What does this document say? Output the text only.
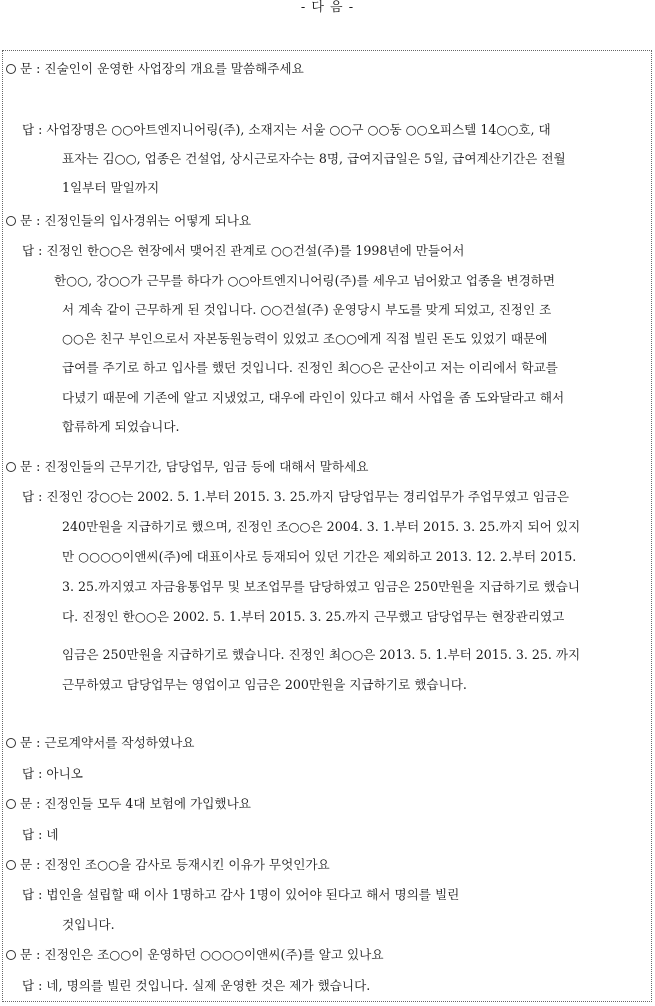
- 다 음 -
문 : 진술인이 운영한 사업장의 개요를 말씀해주세요
답 : 사업장명은 ○○아트엔지니어링(주), 소재지는 서울 ○○구 ○○동 ○○오피스텔 14○○호, 대
표자는 김○○, 업종은 건설업, 상시근로자수는 8명, 급여지급일은 5일, 급여계산기간은 전월
1일부터 말일까지
문 : 진정인들의 입사경위는 어떻게 되나요
답 : 진정인 한○○은 현장에서 맺어진 관계로 ○○건설(주)를 1998년에 만들어서
한○○, 강○○가 근무를 하다가 ○○아트엔지니어링(주)를 세우고 넘어왔고 업종을 변경하면
서 계속 같이 근무하게 된 것입니다. ○○건설(주) 운영당시 부도를 맞게 되었고, 진정인 조
○○은 친구 부인으로서 자본동원능력이 있었고 조○○에게 직접 빌린 돈도 있었기 때문에
급여를 주기로 하고 입사를 했던 것입니다. 진정인 최○○은 군산이고 저는 이리에서 학교를
다녔기 때문에 기존에 알고 지냈었고, 대우에 라인이 있다고 해서 사업을 좀 도와달라고 해서
합류하게 되었습니다.
문 : 진정인들의 근무기간, 담당업무, 임금 등에 대해서 말하세요
답 : 진정인 강○○는 2002. 5. 1.부터 2015. 3. 25.까지 담당업무는 경리업무가 주업무였고 임금은
240만원을 지급하기로 했으며, 진정인 조○○은 2004. 3. 1.부터 2015. 3. 25.까지 되어 있지
만 ○○○○이앤씨(주)에 대표이사로 등재되어 있던 기간은 제외하고 2013. 12. 2.부터 2015.
3. 25.까지였고 자금융통업무 및 보조업무를 담당하였고 임금은 250만원을 지급하기로 했습니
다. 진정인 한○○은 2002. 5. 1.부터 2015. 3. 25.까지 근무했고 담당업무는 현장관리였고
임금은 250만원을 지급하기로 했습니다. 진정인 최○○은 2013. 5. 1.부터 2015. 3. 25. 까지
근무하였고 담당업무는 영업이고 임금은 200만원을 지급하기로 했습니다.
문 : 근로계약서를 작성하였나요
답 : 아니오
문 : 진정인들 모두 4대 보험에 가입했나요
답 : 네
문 : 진정인 조○○을 감사로 등재시킨 이유가 무엇인가요
답 : 법인을 설립할 때 이사 1명하고 감사 1명이 있어야 된다고 해서 명의를 빌린
것입니다.
문 : 진정인은 조○○이 운영하던 ○○○○이앤씨(주)를 알고 있나요
답 : 네, 명의를 빌린 것입니다. 실제 운영한 것은 제가 했습니다.
